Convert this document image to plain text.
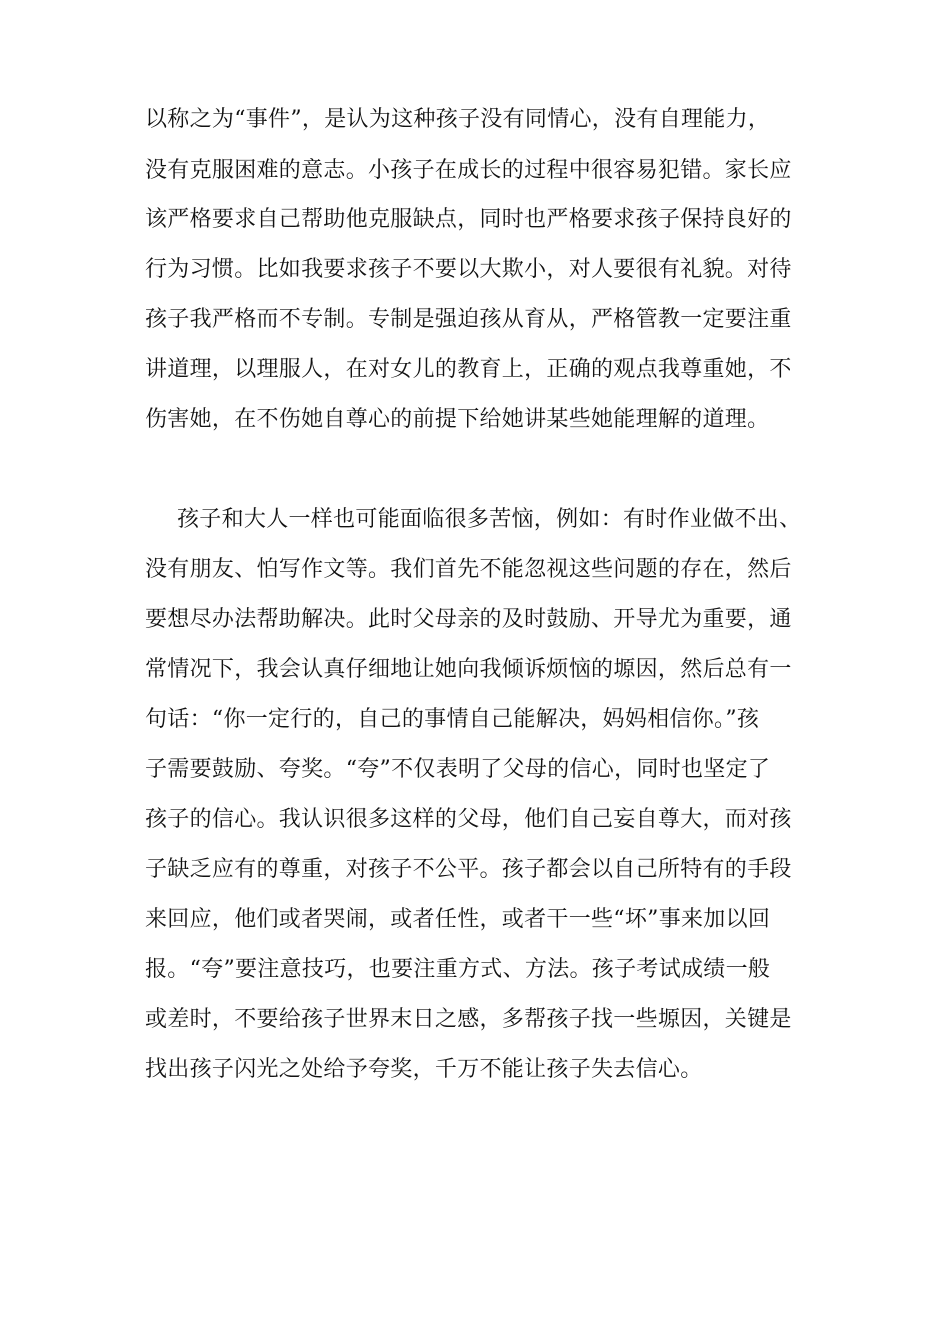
以称之为“事件”，是认为这种孩子没有同情心，没有自理能力，
没有克服困难的意志。小孩子在成长的过程中很容易犯错。家长应
该严格要求自己帮助他克服缺点，同时也严格要求孩子保持良好的
行为习惯。比如我要求孩子不要以大欺小，对人要很有礼貌。对待
孩子我严格而不专制。专制是强迫孩从育从，严格管教一定要注重
讲道理，以理服人，在对女儿的教育上，正确的观点我尊重她，不
伤害她，在不伤她自尊心的前提下给她讲某些她能理解的道理。
孩子和大人一样也可能面临很多苦恼，例如：有时作业做不出、
没有朋友、怕写作文等。我们首先不能忽视这些问题的存在，然后
要想尽办法帮助解决。此时父母亲的及时鼓励、开导尤为重要，通
常情况下，我会认真仔细地让她向我倾诉烦恼的塬因，然后总有一
句话：“你一定行的，自己的事情自己能解决，妈妈相信你。”孩
子需要鼓励、夸奖。“夸”不仅表明了父母的信心，同时也坚定了
孩子的信心。我认识很多这样的父母，他们自己妄自尊大，而对孩
子缺乏应有的尊重，对孩子不公平。孩子都会以自己所特有的手段
来回应，他们或者哭闹，或者任性，或者干一些“坏”事来加以回
报。“夸”要注意技巧，也要注重方式、方法。孩子考试成绩一般
或差时，不要给孩子世界末日之感，多帮孩子找一些塬因，关键是
找出孩子闪光之处给予夸奖，千万不能让孩子失去信心。
